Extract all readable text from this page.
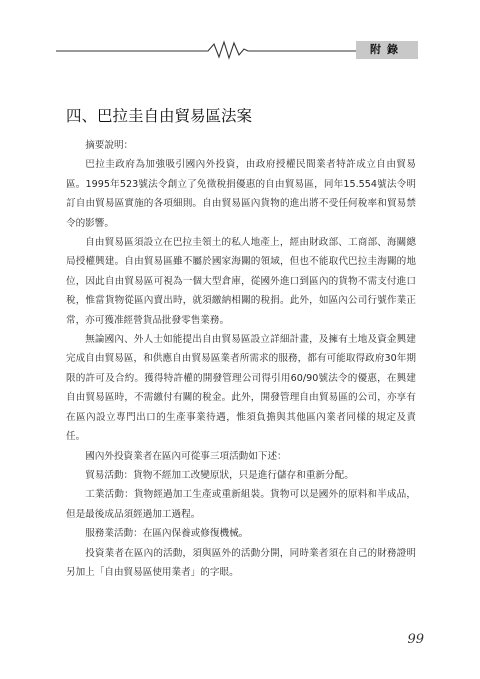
附錄
四、巴拉圭自由貿易區法案

摘要說明：

巴拉圭政府為加強吸引國內外投資，由政府授權民間業者特許成立自由貿易區。1995年523號法令創立了免徵稅捐優惠的自由貿易區，同年15.554號法令明訂自由貿易區實施的各項細則。自由貿易區內貨物的進出將不受任何稅率和貿易禁令的影響。

自由貿易區須設立在巴拉圭領土的私人地產上，經由財政部、工商部、海關總局授權興建。自由貿易區雖不屬於國家海關的領域，但也不能取代巴拉圭海關的地位，因此自由貿易區可視為一個大型倉庫，從國外進口到區內的貨物不需支付進口稅，惟當貨物從區內賣出時，就須繳納相關的稅捐。此外，如區內公司行號作業正常，亦可獲准經營貨品批發零售業務。

無論國內、外人士如能提出自由貿易區設立詳細計畫，及擁有土地及資金興建完成自由貿易區，和供應自由貿易區業者所需求的服務，都有可能取得政府30年期限的許可及合約。獲得特許權的開發管理公司得引用60/90號法令的優惠，在興建自由貿易區時，不需繳付有關的稅金。此外，開發管理自由貿易區的公司，亦享有在區內設立專門出口的生產事業待遇，惟須負擔與其他區內業者同樣的規定及責任。

國內外投資業者在區內可從事三項活動如下述：

貿易活動：貨物不經加工改變原狀，只是進行儲存和重新分配。

工業活動：貨物經過加工生產或重新組裝。貨物可以是國外的原料和半成品，但是最後成品須經過加工過程。

服務業活動：在區內保養或修復機械。

投資業者在區內的活動，須與區外的活動分開，同時業者須在自己的財務證明另加上「自由貿易區使用業者」的字眼。

99
